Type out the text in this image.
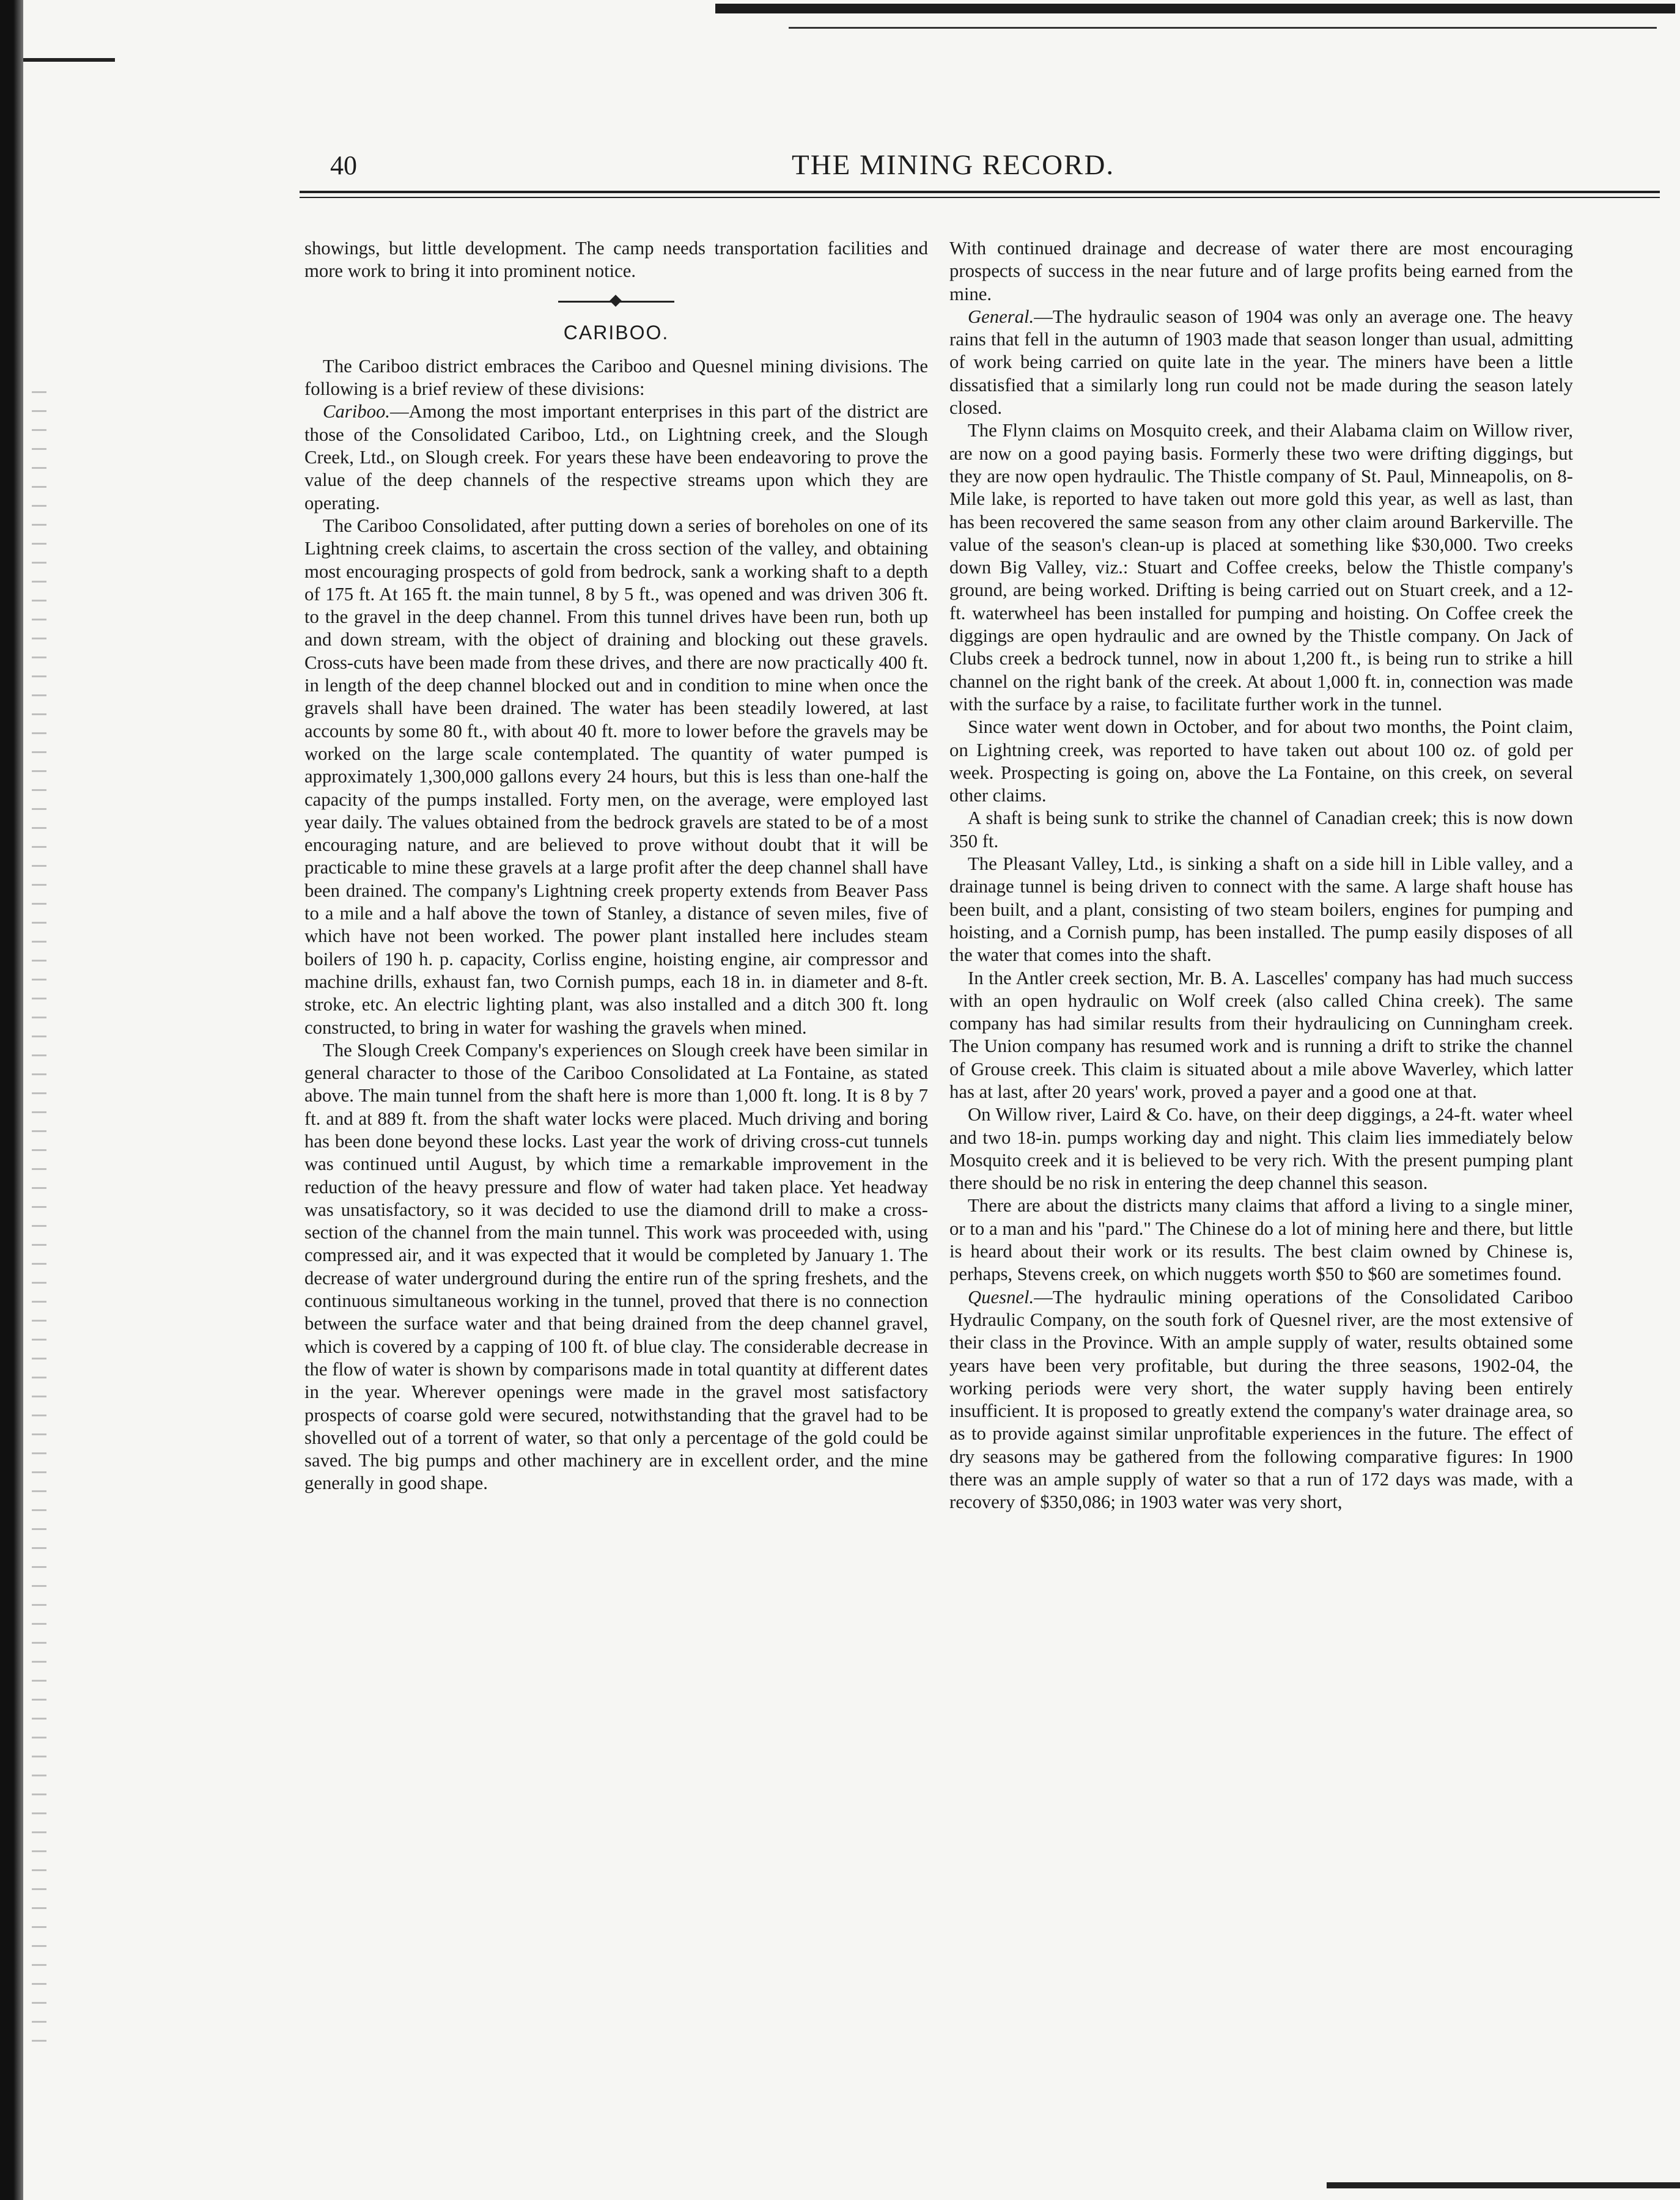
40	THE MINING RECORD.

showings, but little development. The camp needs transportation facilities and more work to bring it into prominent notice.

CARIBOO.

The Cariboo district embraces the Cariboo and Quesnel mining divisions. The following is a brief review of these divisions:

Cariboo.—Among the most important enterprises in this part of the district are those of the Consolidated Cariboo, Ltd., on Lightning creek, and the Slough Creek, Ltd., on Slough creek. For years these have been endeavoring to prove the value of the deep channels of the respective streams upon which they are operating.

The Cariboo Consolidated, after putting down a series of boreholes on one of its Lightning creek claims, to ascertain the cross section of the valley, and obtaining most encouraging prospects of gold from bedrock, sank a working shaft to a depth of 175 ft. At 165 ft. the main tunnel, 8 by 5 ft., was opened and was driven 306 ft. to the gravel in the deep channel. From this tunnel drives have been run, both up and down stream, with the object of draining and blocking out these gravels. Cross-cuts have been made from these drives, and there are now practically 400 ft. in length of the deep channel blocked out and in condition to mine when once the gravels shall have been drained. The water has been steadily lowered, at last accounts by some 80 ft., with about 40 ft. more to lower before the gravels may be worked on the large scale contemplated. The quantity of water pumped is approximately 1,300,000 gallons every 24 hours, but this is less than one-half the capacity of the pumps installed. Forty men, on the average, were employed last year daily. The values obtained from the bedrock gravels are stated to be of a most encouraging nature, and are believed to prove without doubt that it will be practicable to mine these gravels at a large profit after the deep channel shall have been drained. The company's Lightning creek property extends from Beaver Pass to a mile and a half above the town of Stanley, a distance of seven miles, five of which have not been worked. The power plant installed here includes steam boilers of 190 h. p. capacity, Corliss engine, hoisting engine, air compressor and machine drills, exhaust fan, two Cornish pumps, each 18 in. in diameter and 8-ft. stroke, etc. An electric lighting plant, was also installed and a ditch 300 ft. long constructed, to bring in water for washing the gravels when mined.

The Slough Creek Company's experiences on Slough creek have been similar in general character to those of the Cariboo Consolidated at La Fontaine, as stated above. The main tunnel from the shaft here is more than 1,000 ft. long. It is 8 by 7 ft. and at 889 ft. from the shaft water locks were placed. Much driving and boring has been done beyond these locks. Last year the work of driving cross-cut tunnels was continued until August, by which time a remarkable improvement in the reduction of the heavy pressure and flow of water had taken place. Yet headway was unsatisfactory, so it was decided to use the diamond drill to make a cross-section of the channel from the main tunnel. This work was proceeded with, using compressed air, and it was expected that it would be completed by January 1. The decrease of water underground during the entire run of the spring freshets, and the continuous simultaneous working in the tunnel, proved that there is no connection between the surface water and that being drained from the deep channel gravel, which is covered by a capping of 100 ft. of blue clay. The considerable decrease in the flow of water is shown by comparisons made in total quantity at different dates in the year. Wherever openings were made in the gravel most satisfactory prospects of coarse gold were secured, notwithstanding that the gravel had to be shovelled out of a torrent of water, so that only a percentage of the gold could be saved. The big pumps and other machinery are in excellent order, and the mine generally in good shape.

With continued drainage and decrease of water there are most encouraging prospects of success in the near future and of large profits being earned from the mine.

General.—The hydraulic season of 1904 was only an average one. The heavy rains that fell in the autumn of 1903 made that season longer than usual, admitting of work being carried on quite late in the year. The miners have been a little dissatisfied that a similarly long run could not be made during the season lately closed.

The Flynn claims on Mosquito creek, and their Alabama claim on Willow river, are now on a good paying basis. Formerly these two were drifting diggings, but they are now open hydraulic. The Thistle company of St. Paul, Minneapolis, on 8-Mile lake, is reported to have taken out more gold this year, as well as last, than has been recovered the same season from any other claim around Barkerville. The value of the season's clean-up is placed at something like $30,000. Two creeks down Big Valley, viz.: Stuart and Coffee creeks, below the Thistle company's ground, are being worked. Drifting is being carried out on Stuart creek, and a 12-ft. waterwheel has been installed for pumping and hoisting. On Coffee creek the diggings are open hydraulic and are owned by the Thistle company. On Jack of Clubs creek a bedrock tunnel, now in about 1,200 ft., is being run to strike a hill channel on the right bank of the creek. At about 1,000 ft. in, connection was made with the surface by a raise, to facilitate further work in the tunnel.

Since water went down in October, and for about two months, the Point claim, on Lightning creek, was reported to have taken out about 100 oz. of gold per week. Prospecting is going on, above the La Fontaine, on this creek, on several other claims.

A shaft is being sunk to strike the channel of Canadian creek; this is now down 350 ft.

The Pleasant Valley, Ltd., is sinking a shaft on a side hill in Lible valley, and a drainage tunnel is being driven to connect with the same. A large shaft house has been built, and a plant, consisting of two steam boilers, engines for pumping and hoisting, and a Cornish pump, has been installed. The pump easily disposes of all the water that comes into the shaft.

In the Antler creek section, Mr. B. A. Lascelles' company has had much success with an open hydraulic on Wolf creek (also called China creek). The same company has had similar results from their hydraulicing on Cunningham creek. The Union company has resumed work and is running a drift to strike the channel of Grouse creek. This claim is situated about a mile above Waverley, which latter has at last, after 20 years' work, proved a payer and a good one at that.

On Willow river, Laird & Co. have, on their deep diggings, a 24-ft. water wheel and two 18-in. pumps working day and night. This claim lies immediately below Mosquito creek and it is believed to be very rich. With the present pumping plant there should be no risk in entering the deep channel this season.

There are about the districts many claims that afford a living to a single miner, or to a man and his "pard." The Chinese do a lot of mining here and there, but little is heard about their work or its results. The best claim owned by Chinese is, perhaps, Stevens creek, on which nuggets worth $50 to $60 are sometimes found.

Quesnel.—The hydraulic mining operations of the Consolidated Cariboo Hydraulic Company, on the south fork of Quesnel river, are the most extensive of their class in the Province. With an ample supply of water, results obtained some years have been very profitable, but during the three seasons, 1902-04, the working periods were very short, the water supply having been entirely insufficient. It is proposed to greatly extend the company's water drainage area, so as to provide against similar unprofitable experiences in the future. The effect of dry seasons may be gathered from the following comparative figures: In 1900 there was an ample supply of water so that a run of 172 days was made, with a recovery of $350,086; in 1903 water was very short,
